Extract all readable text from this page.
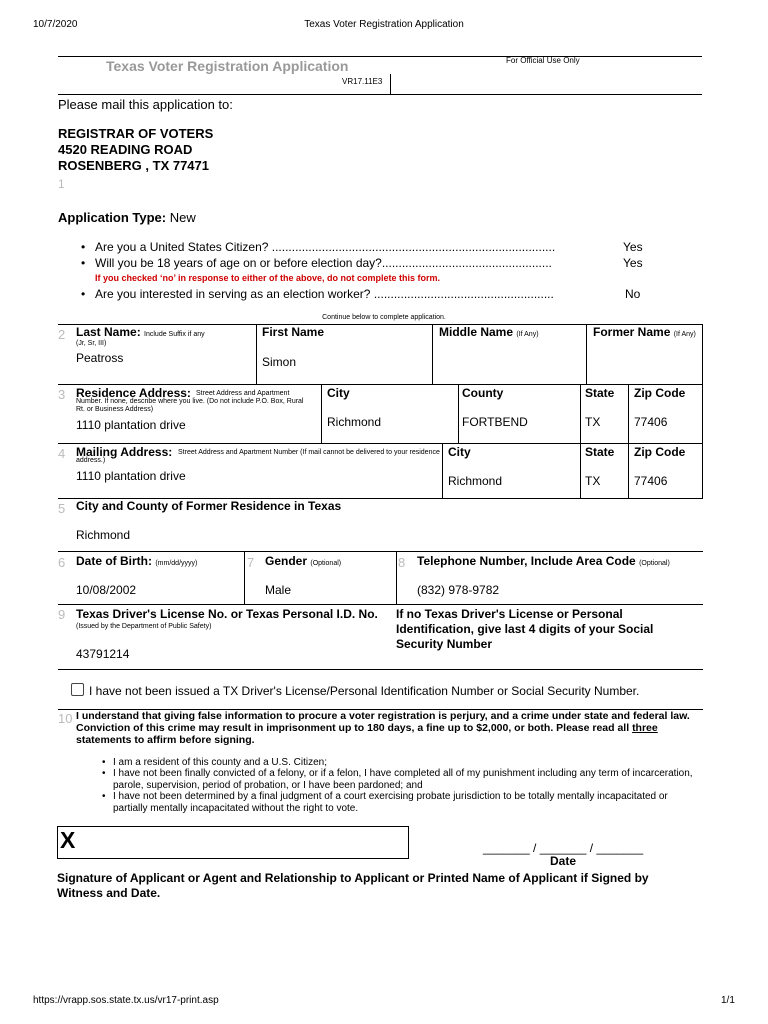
10/7/2020	Texas Voter Registration Application
Texas Voter Registration Application	For Official Use Only
VR17.11E3
Please mail this application to:
REGISTRAR OF VOTERS
4520 READING ROAD
ROSENBERG , TX 77471
1
Application Type: New
• Are you a United States Citizen? .....................................................................................	Yes
• Will you be 18 years of age on or before election day?...................................................	Yes
If you checked ‘no’ in response to either of the above, do not complete this form.
• Are you interested in serving as an election worker? ......................................................	No
Continue below to complete application.
2 Last Name: Include Suffix if any
(Jr, Sr, III)
Peatross
First Name
Simon
Middle Name (If Any)	Former Name (If Any)
3 Residence Address: Street Address and Apartment Number. If none, describe where you live. (Do not include P.O. Box, Rural Rt. or Business Address)
1110 plantation drive
City
Richmond
County
FORTBEND
State
TX
Zip Code
77406
4 Mailing Address: Street Address and Apartment Number (If mail cannot be delivered to your residence address.)
1110 plantation drive
City
Richmond
State
TX
Zip Code
77406
5 City and County of Former Residence in Texas
Richmond
6 Date of Birth: (mm/dd/yyyy)
10/08/2002
7 Gender (Optional)
Male
8 Telephone Number, Include Area Code (Optional)
(832) 978-9782
9 Texas Driver's License No. or Texas Personal I.D. No.
(Issued by the Department of Public Safety)
43791214
If no Texas Driver's License or Personal Identification, give last 4 digits of your Social Security Number
I have not been issued a TX Driver's License/Personal Identification Number or Social Security Number.
10 I understand that giving false information to procure a voter registration is perjury, and a crime under state and federal law. Conviction of this crime may result in imprisonment up to 180 days, a fine up to $2,000, or both. Please read all three statements to affirm before signing.
• I am a resident of this county and a U.S. Citizen;
• I have not been finally convicted of a felony, or if a felon, I have completed all of my punishment including any term of incarceration, parole, supervision, period of probation, or I have been pardoned; and
• I have not been determined by a final judgment of a court exercising probate jurisdiction to be totally mentally incapacitated or partially mentally incapacitated without the right to vote.
X	_______ / _______ / _______
Date
Signature of Applicant or Agent and Relationship to Applicant or Printed Name of Applicant if Signed by Witness and Date.
https://vrapp.sos.state.tx.us/vr17-print.asp	1/1
